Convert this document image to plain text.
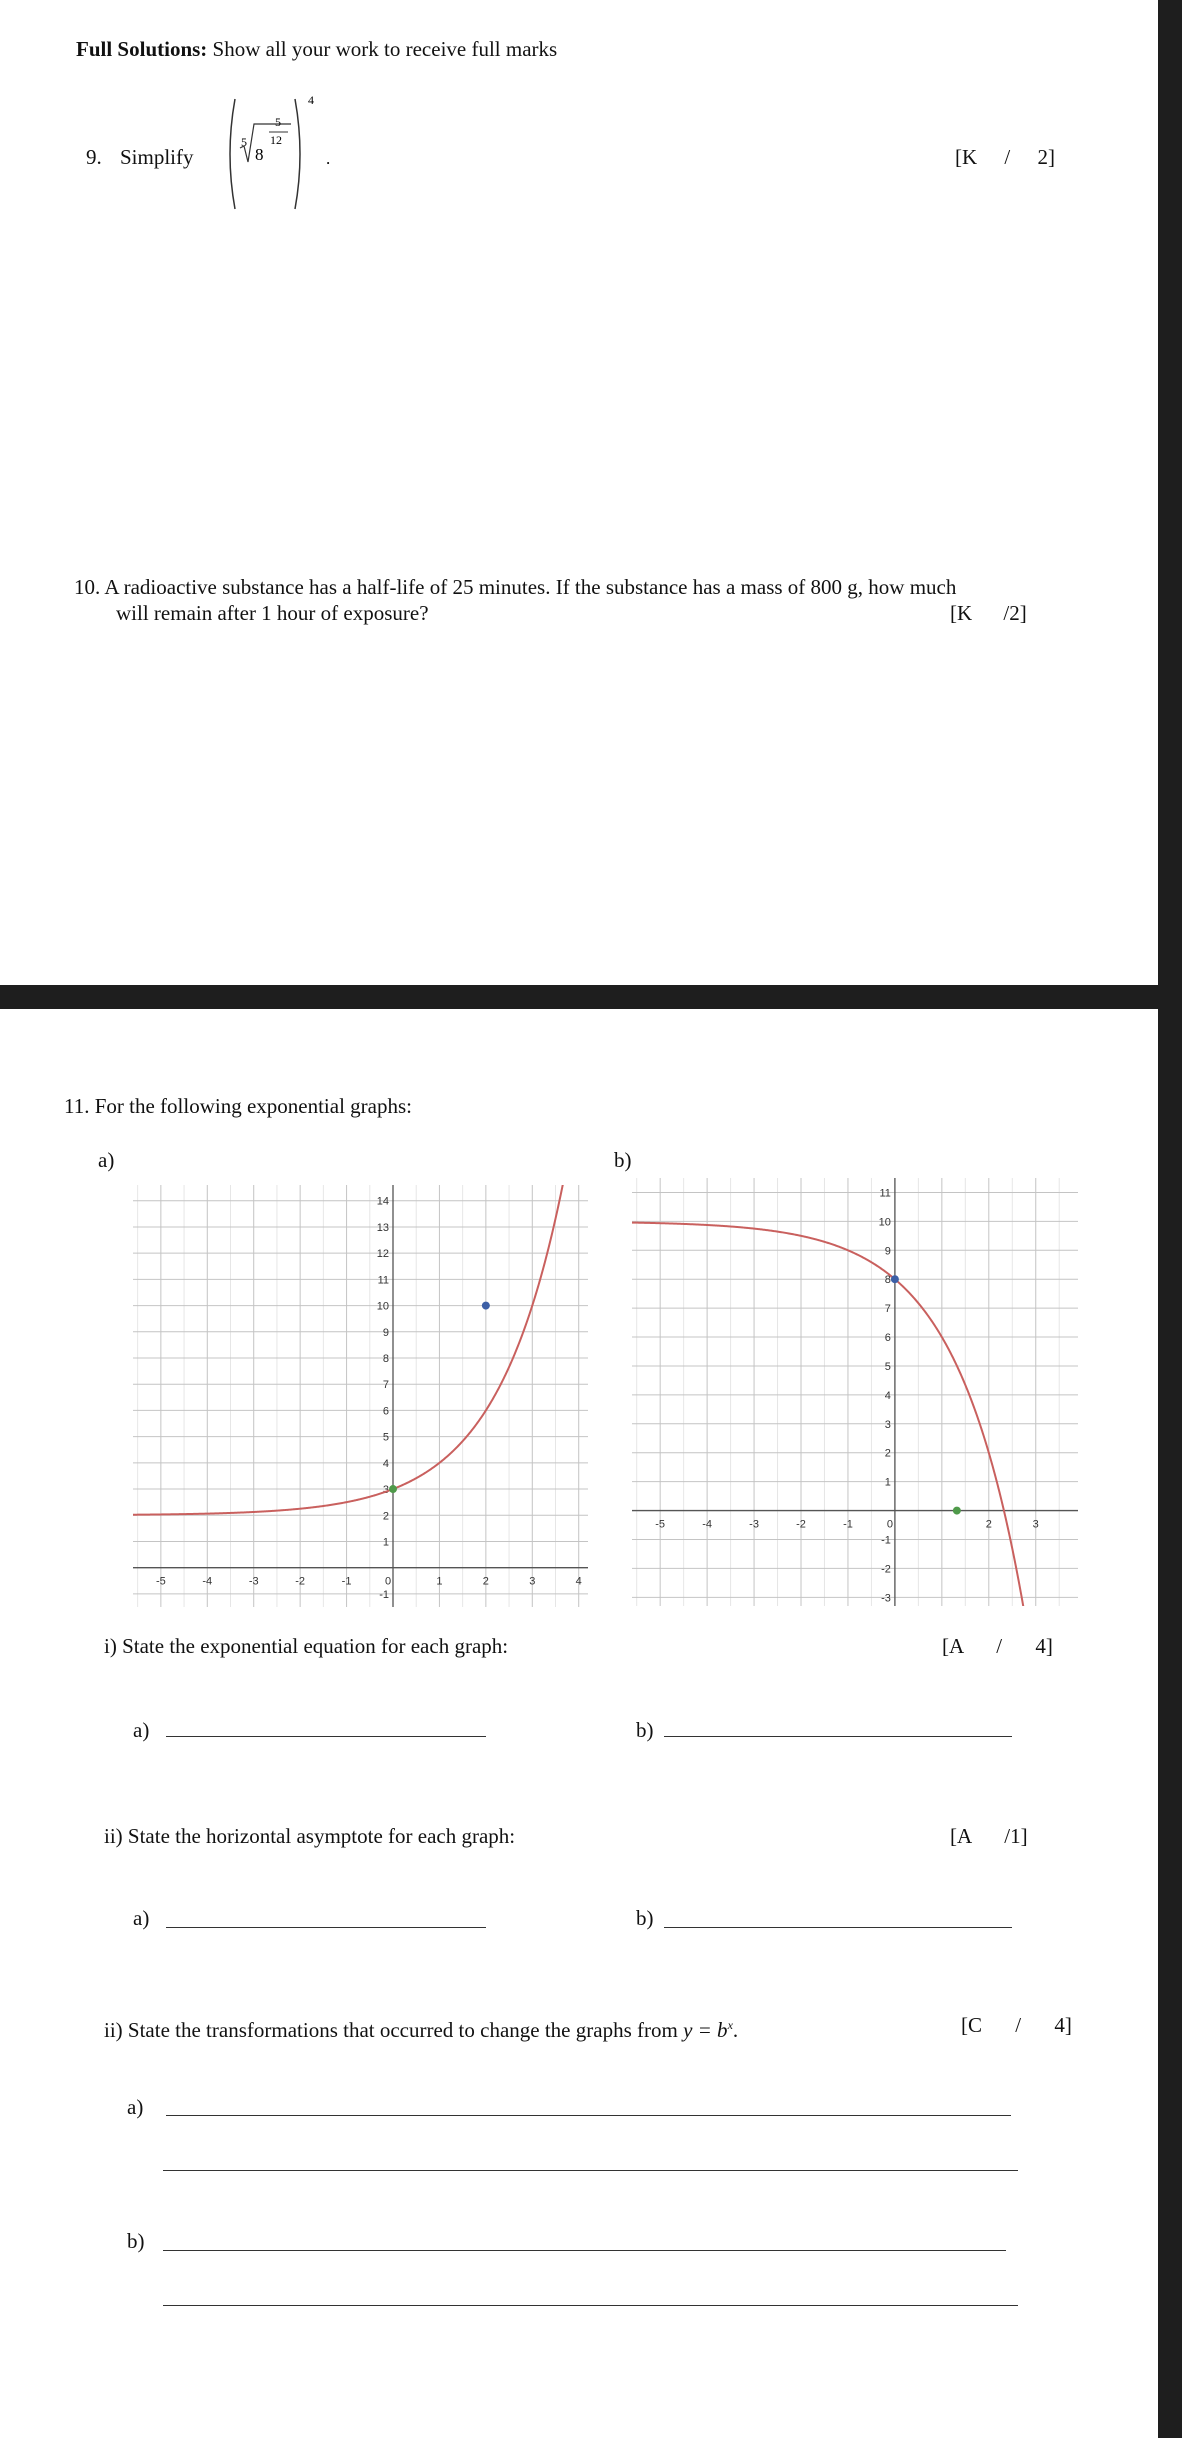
Full Solutions: Show all your work to receive full marks
9. Simplify
5
8
5
12
4
.	[K / 2]
10. A radioactive substance has a half-life of 25 minutes. If the substance has a mass of 800 g, how much
will remain after 1 hour of exposure?	[K /2]
11. For the following exponential graphs:
a)	b)
-5	-4	-3	-2	-1	0	1	2	3	4
-1
1
2
3
4
5
6
7
8
9
10
11
12
13
14
-5	-4	-3	-2	-1	0	2	3
-3
-2
-1
1
2
3
4
5
6
7
8
9
10
11
i) State the exponential equation for each graph:	[A / 4]
a)	b)
ii) State the horizontal asymptote for each graph:	[A /1]
a)	b)
ii) State the transformations that occurred to change the graphs from $y = b^x$.	[C / 4]
a)
b)
